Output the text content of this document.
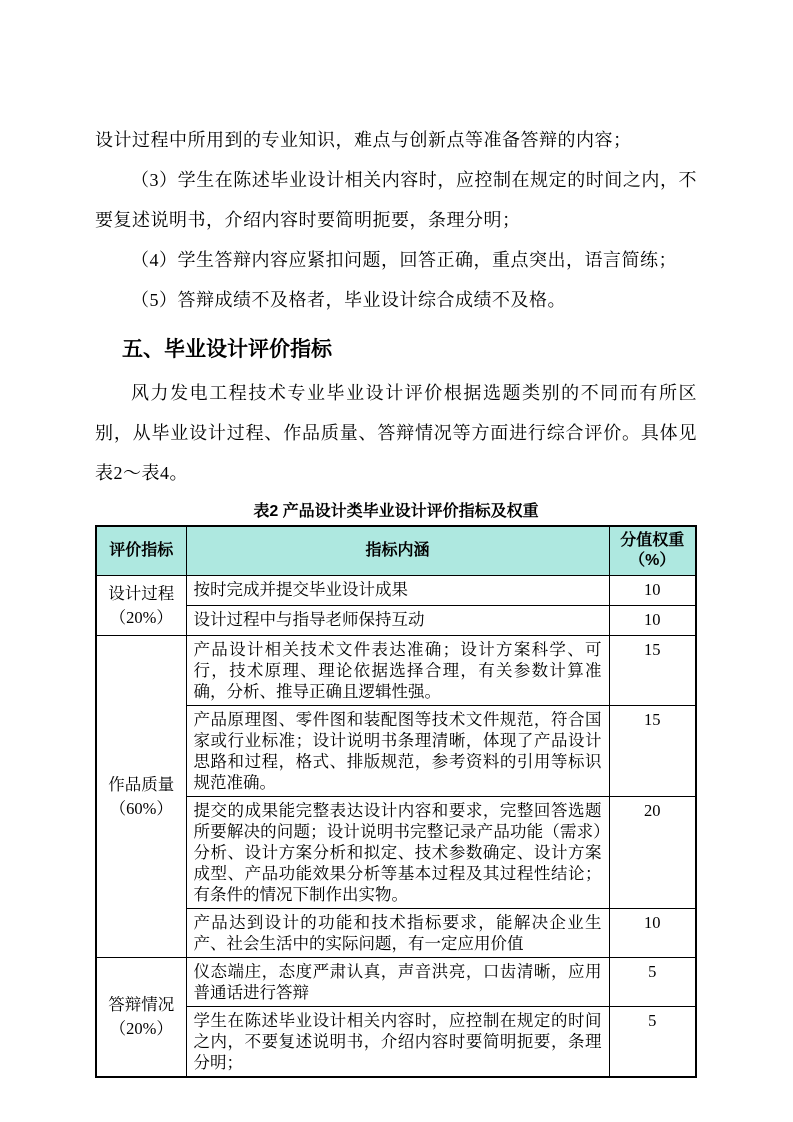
设计过程中所用到的专业知识，难点与创新点等准备答辩的内容；

（3）学生在陈述毕业设计相关内容时，应控制在规定的时间之内，不要复述说明书，介绍内容时要简明扼要，条理分明；

（4）学生答辩内容应紧扣问题，回答正确，重点突出，语言简练；

（5）答辩成绩不及格者，毕业设计综合成绩不及格。

五、毕业设计评价指标

风力发电工程技术专业毕业设计评价根据选题类别的不同而有所区别，从毕业设计过程、作品质量、答辩情况等方面进行综合评价。具体见表2～表4。

表2 产品设计类毕业设计评价指标及权重

评价指标	指标内涵	分值权重
（%）

设计过程
（20%）	按时完成并提交毕业设计成果	10
	设计过程中与指导老师保持互动	10

作品质量
（60%）	产品设计相关技术文件表达准确；设计方案科学、可行，技术原理、理论依据选择合理，有关参数计算准确，分析、推导正确且逻辑性强。	15
	产品原理图、零件图和装配图等技术文件规范，符合国家或行业标准；设计说明书条理清晰，体现了产品设计思路和过程，格式、排版规范，参考资料的引用等标识规范准确。	15
	提交的成果能完整表达设计内容和要求，完整回答选题所要解决的问题；设计说明书完整记录产品功能（需求）分析、设计方案分析和拟定、技术参数确定、设计方案成型、产品功能效果分析等基本过程及其过程性结论；有条件的情况下制作出实物。	20
	产品达到设计的功能和技术指标要求，能解决企业生产、社会生活中的实际问题，有一定应用价值	10

答辩情况
（20%）	仪态端庄，态度严肃认真，声音洪亮，口齿清晰，应用普通话进行答辩	5
	学生在陈述毕业设计相关内容时，应控制在规定的时间之内，不要复述说明书，介绍内容时要简明扼要，条理分明；	5
